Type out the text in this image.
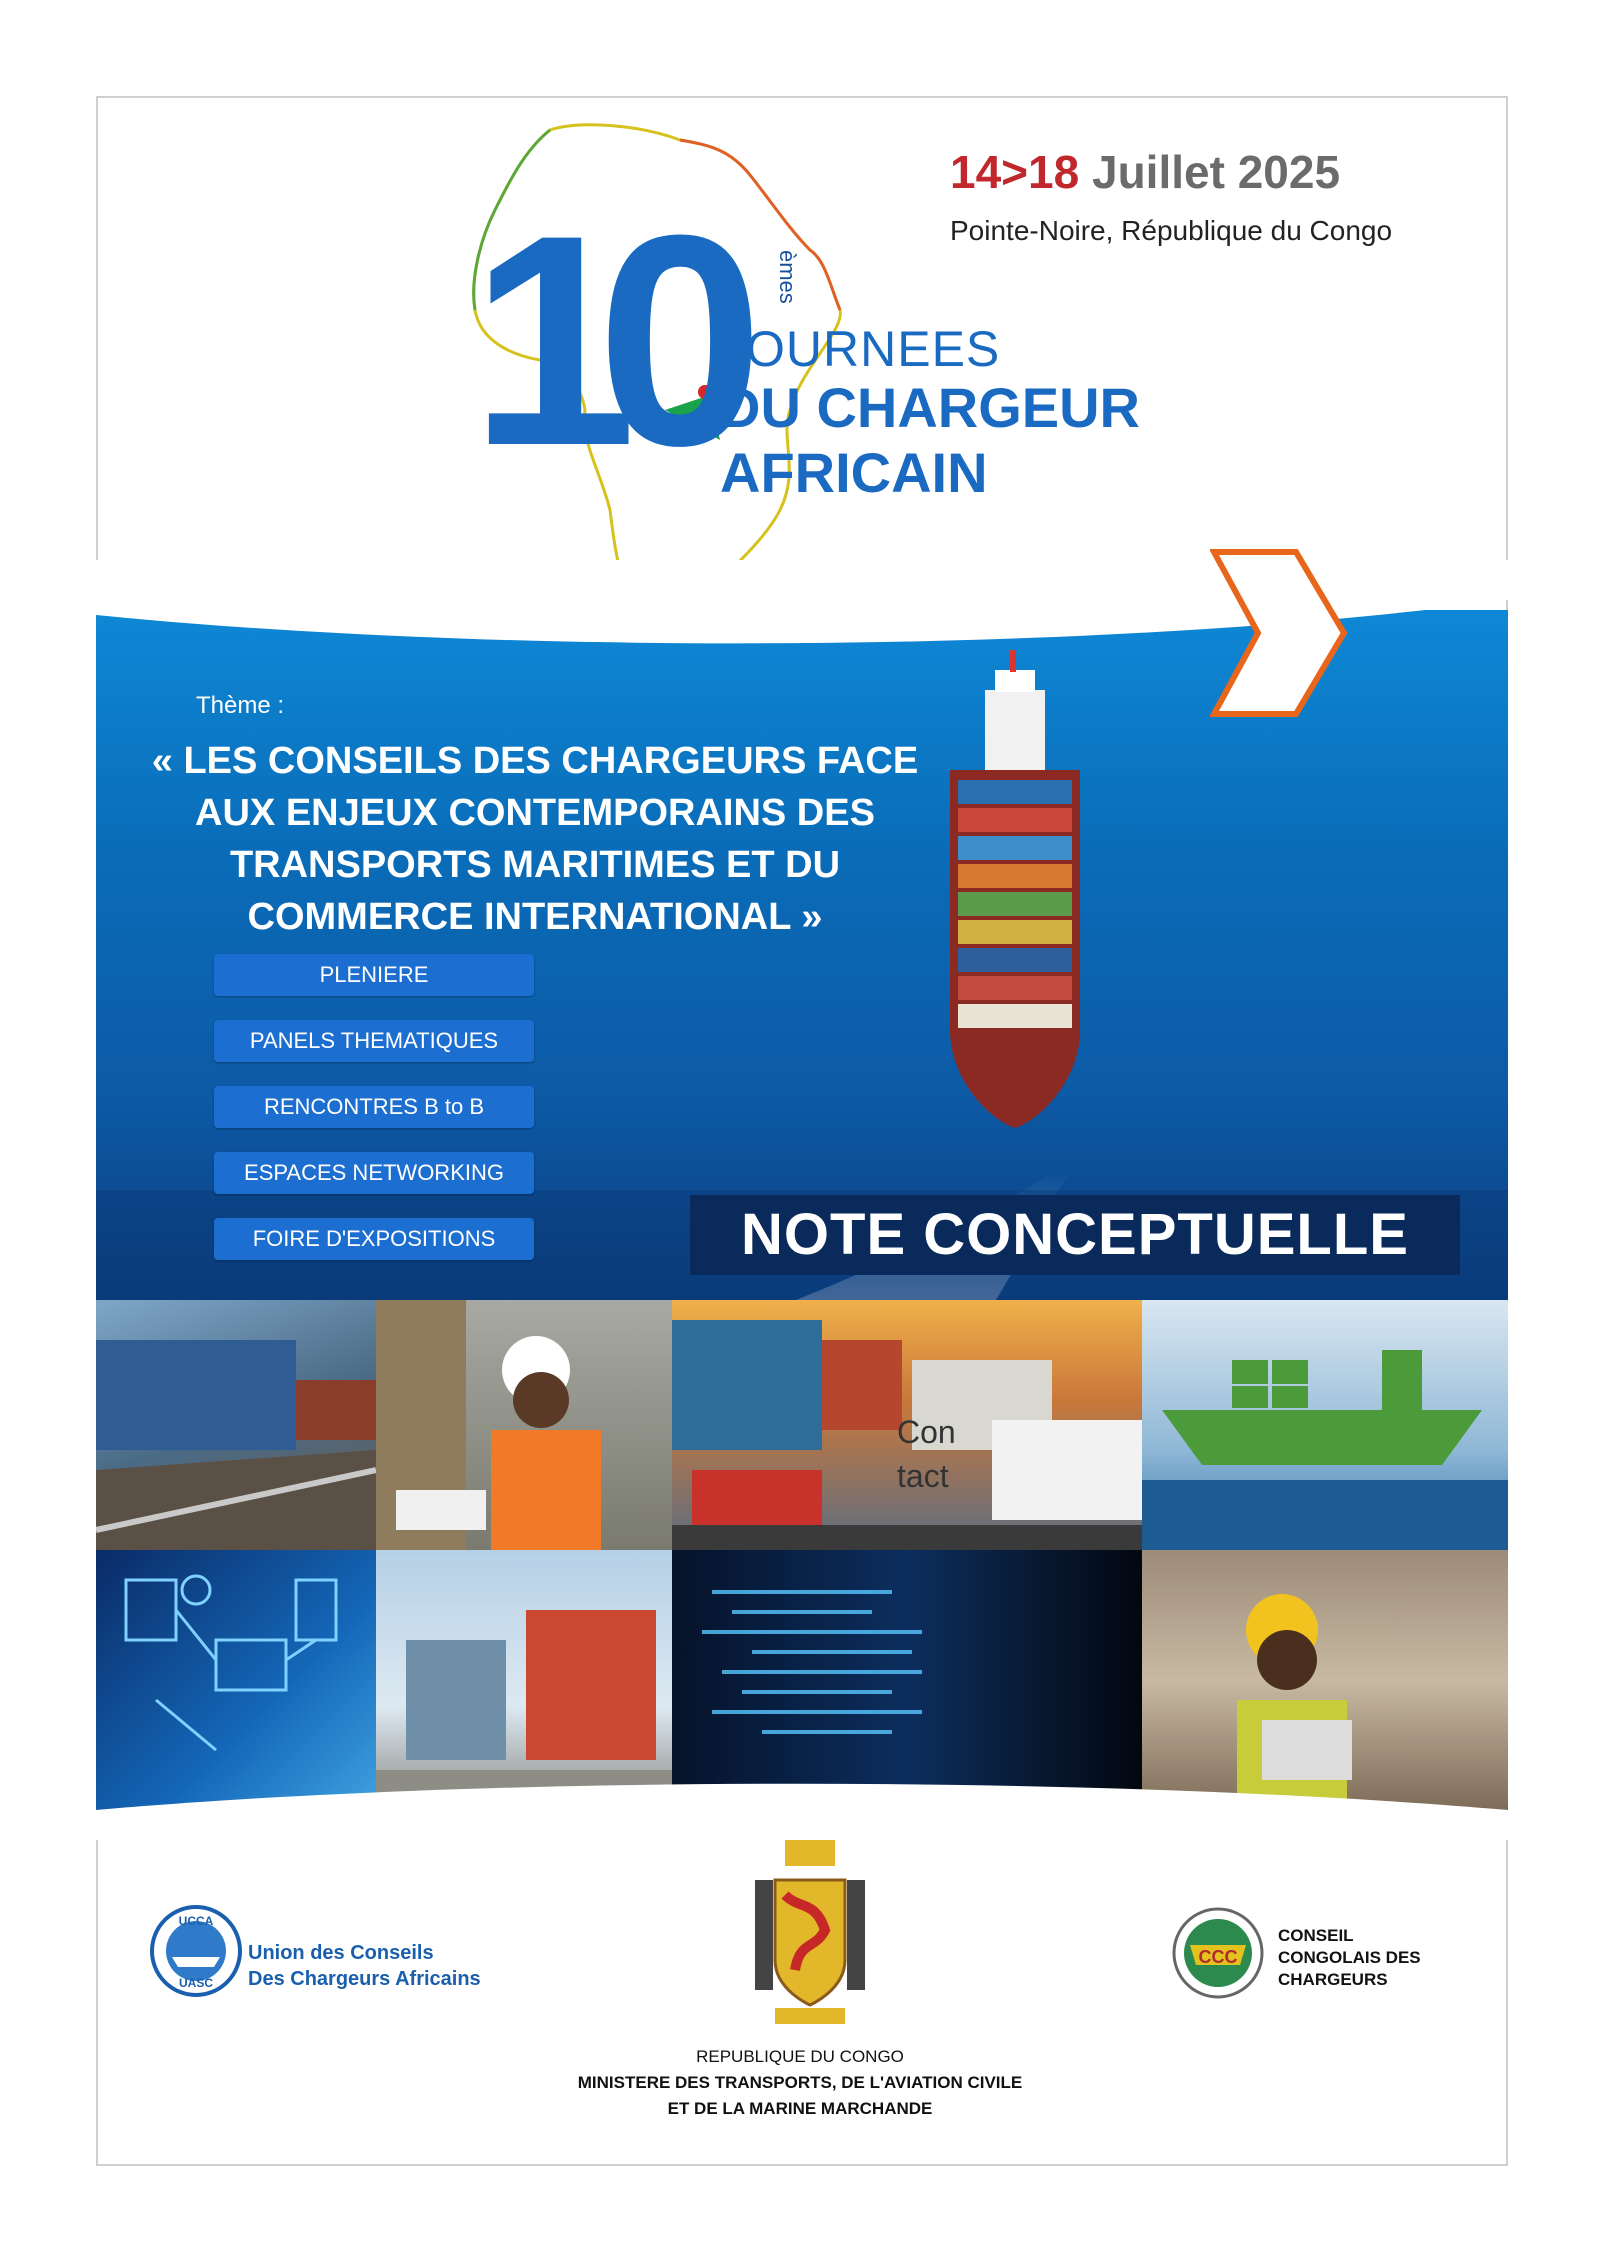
10 èmes
JOURNEES
DU CHARGEUR
AFRICAIN
14>18 Juillet 2025
Pointe-Noire, République du Congo
Thème :
« LES CONSEILS DES CHARGEURS FACE AUX ENJEUX CONTEMPORAINS DES TRANSPORTS MARITIMES ET DU COMMERCE INTERNATIONAL »
PLENIERE
PANELS THEMATIQUES
RENCONTRES B to B
ESPACES NETWORKING
FOIRE D'EXPOSITIONS	NOTE CONCEPTUELLE
Con
tact
UCCA
UASC
Union des Conseils
Des Chargeurs Africains
REPUBLIQUE DU CONGO
MINISTERE DES TRANSPORTS, DE L'AVIATION CIVILE
ET DE LA MARINE MARCHANDE
CCC
CONSEIL
CONGOLAIS DES
CHARGEURS
